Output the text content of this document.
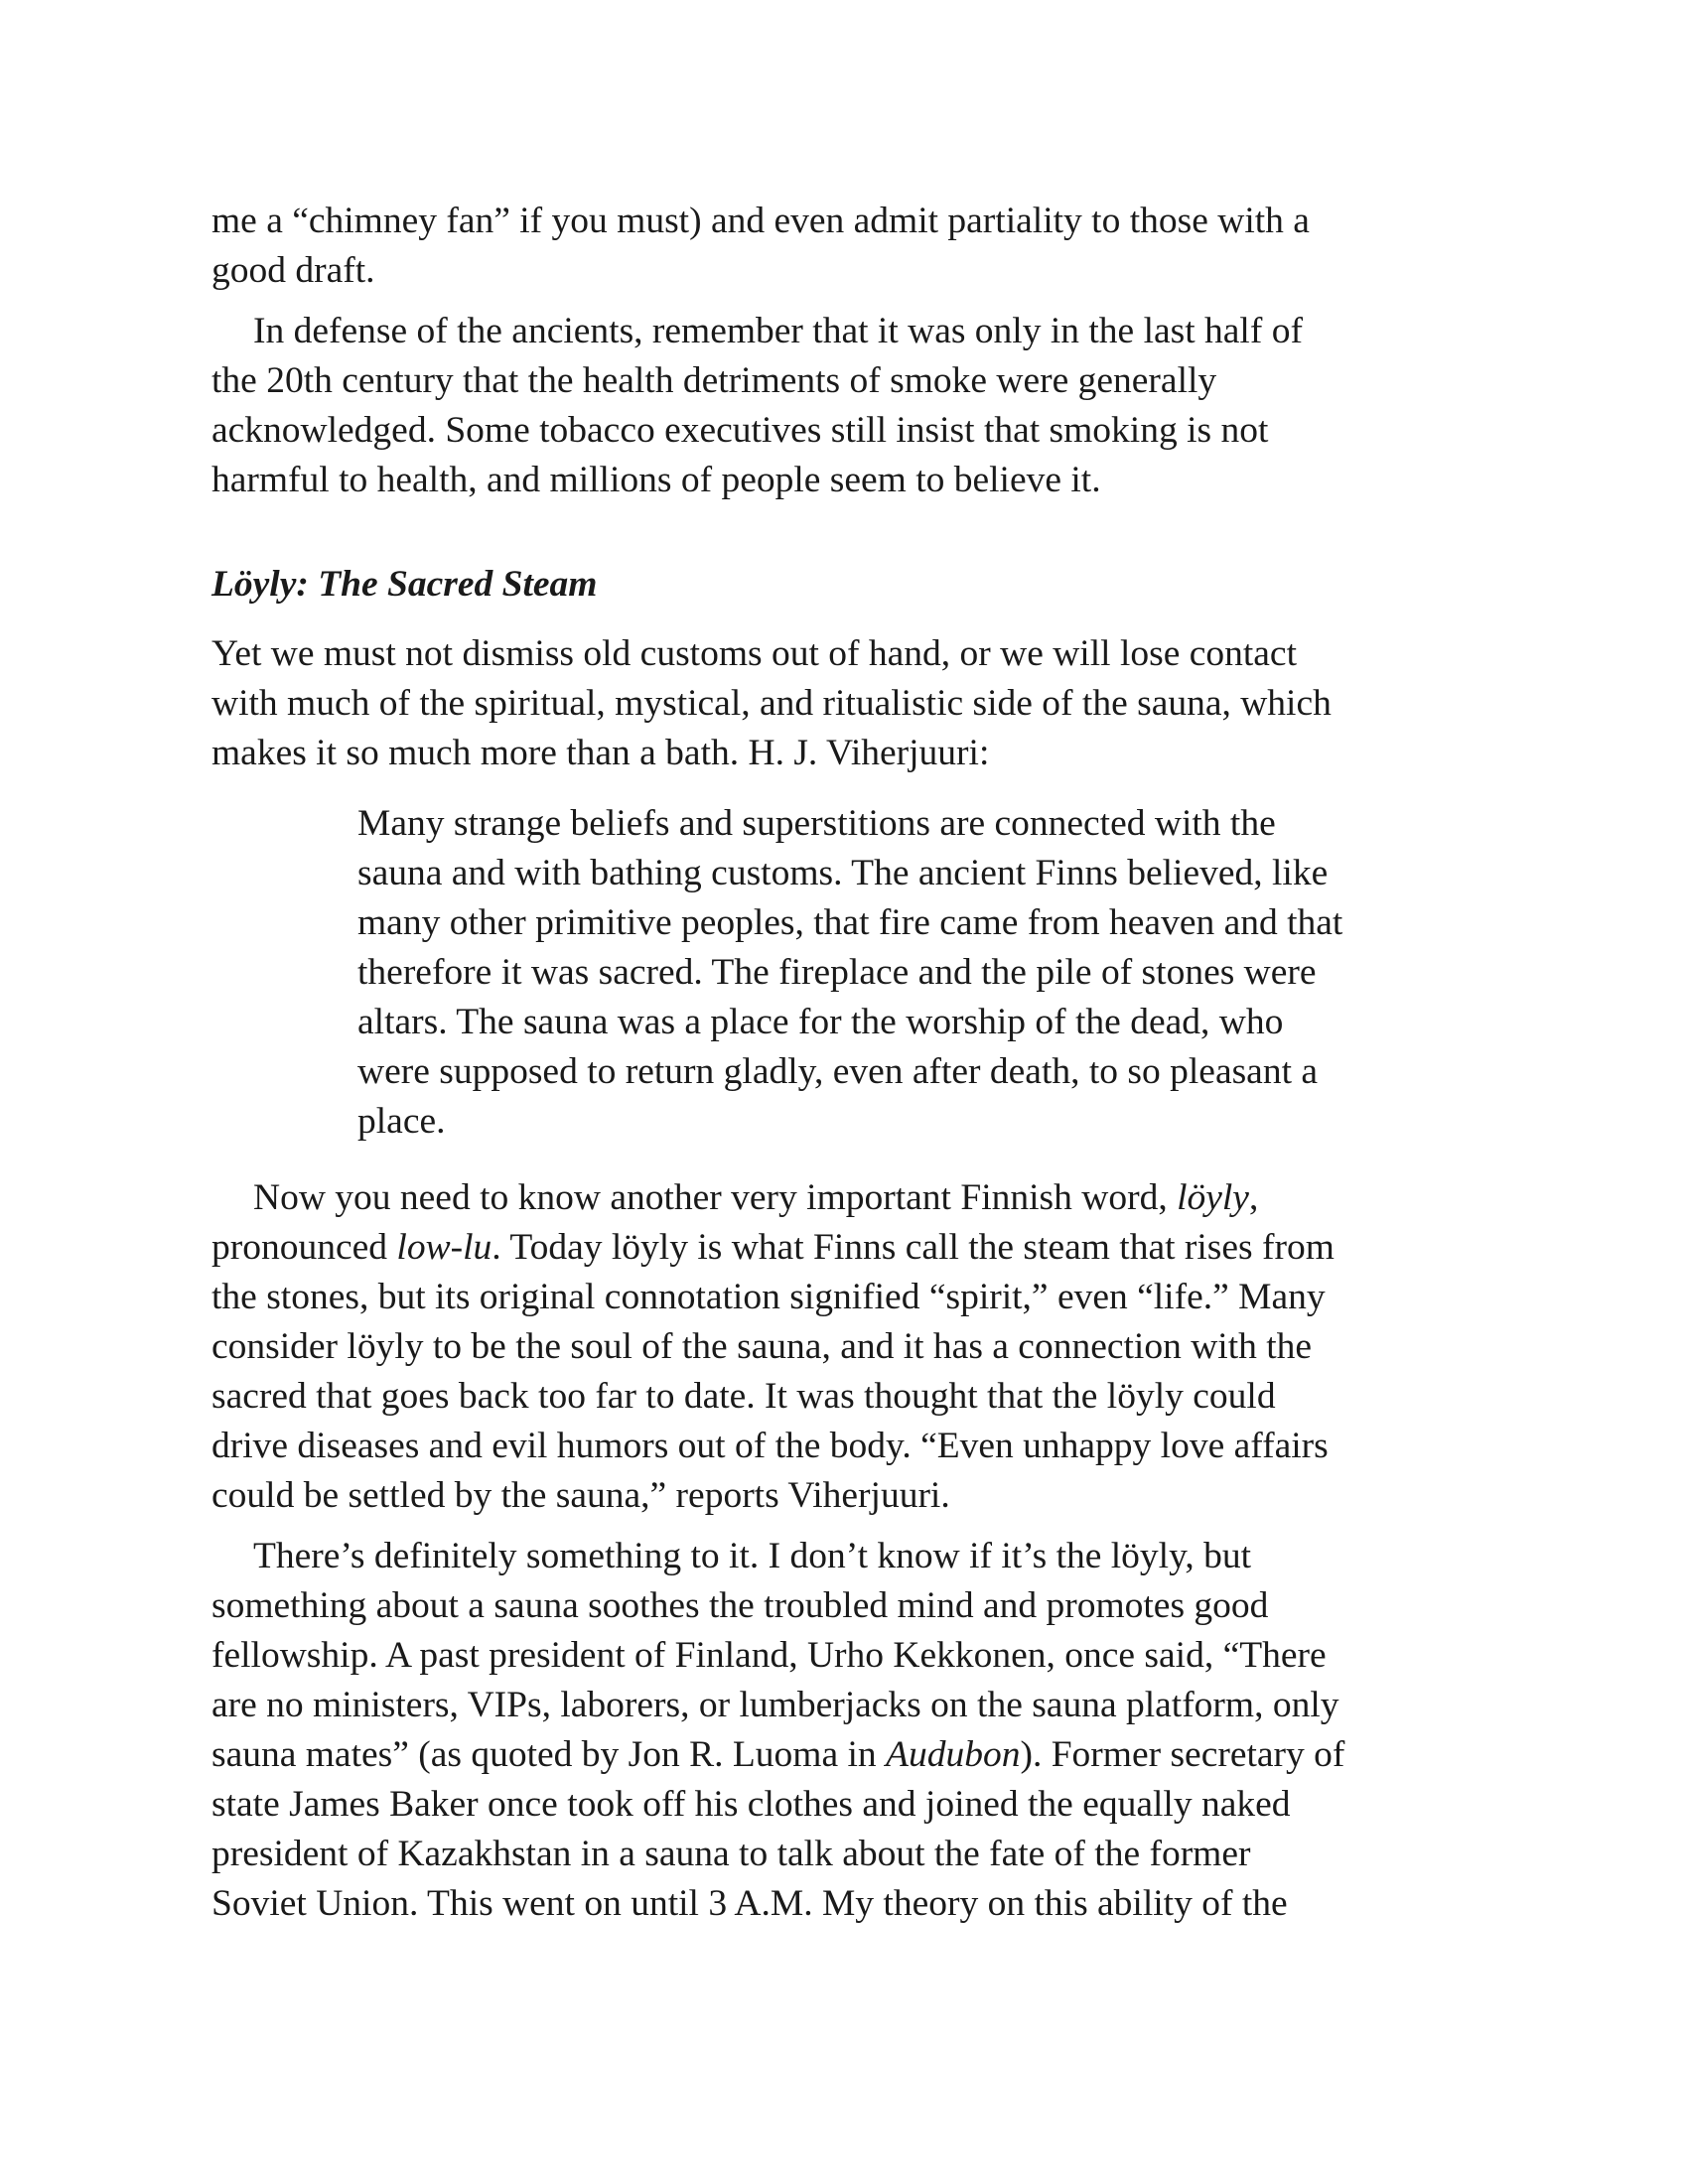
me a “chimney fan” if you must) and even admit partiality to those with a
good draft.

In defense of the ancients, remember that it was only in the last half of
the 20th century that the health detriments of smoke were generally
acknowledged. Some tobacco executives still insist that smoking is not
harmful to health, and millions of people seem to believe it.

Löyly: The Sacred Steam

Yet we must not dismiss old customs out of hand, or we will lose contact
with much of the spiritual, mystical, and ritualistic side of the sauna, which
makes it so much more than a bath. H. J. Viherjuuri:

Many strange beliefs and superstitions are connected with the
sauna and with bathing customs. The ancient Finns believed, like
many other primitive peoples, that fire came from heaven and that
therefore it was sacred. The fireplace and the pile of stones were
altars. The sauna was a place for the worship of the dead, who
were supposed to return gladly, even after death, to so pleasant a
place.

Now you need to know another very important Finnish word, löyly,
pronounced low-lu. Today löyly is what Finns call the steam that rises from
the stones, but its original connotation signified “spirit,” even “life.” Many
consider löyly to be the soul of the sauna, and it has a connection with the
sacred that goes back too far to date. It was thought that the löyly could
drive diseases and evil humors out of the body. “Even unhappy love affairs
could be settled by the sauna,” reports Viherjuuri.

There’s definitely something to it. I don’t know if it’s the löyly, but
something about a sauna soothes the troubled mind and promotes good
fellowship. A past president of Finland, Urho Kekkonen, once said, “There
are no ministers, VIPs, laborers, or lumberjacks on the sauna platform, only
sauna mates” (as quoted by Jon R. Luoma in Audubon). Former secretary of
state James Baker once took off his clothes and joined the equally naked
president of Kazakhstan in a sauna to talk about the fate of the former
Soviet Union. This went on until 3 A.M. My theory on this ability of the
